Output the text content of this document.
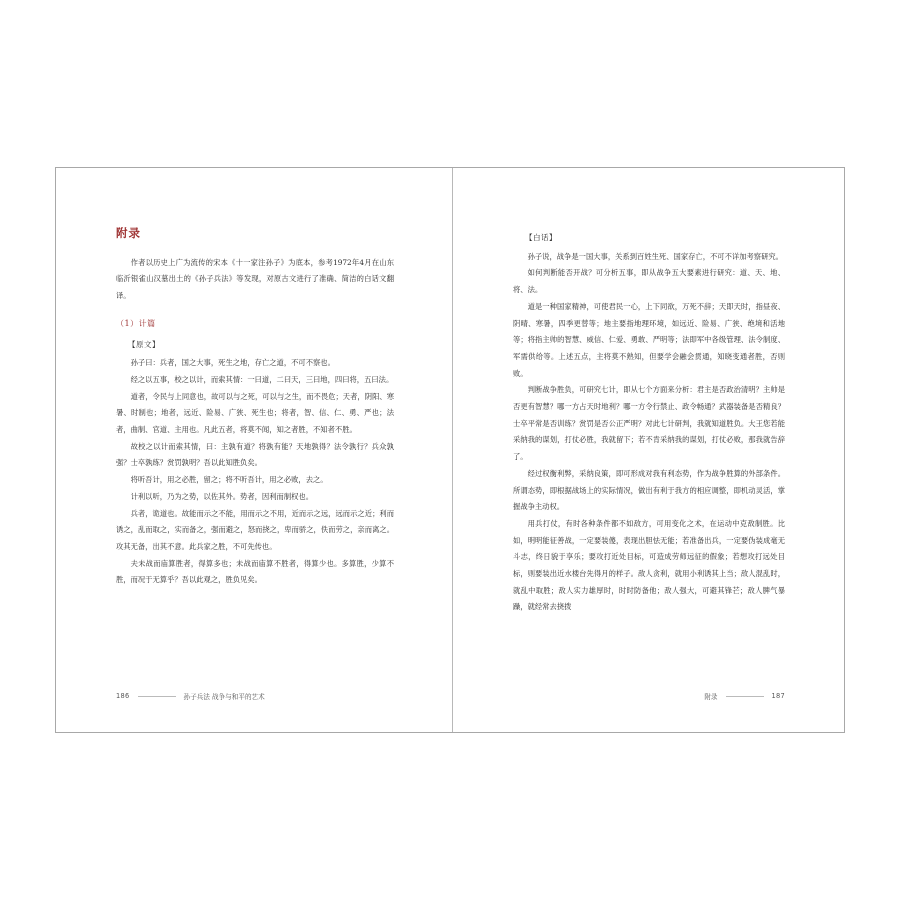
附录

作者以历史上广为流传的宋本《十一家注孙子》为底本，参考1972年4月在山东临沂银雀山汉墓出土的《孙子兵法》等发现，对原古文进行了准确、简洁的白话文翻译。

（1）计篇
【原文】

孙子曰：兵者，国之大事，死生之地，存亡之道，不可不察也。

经之以五事，校之以计，而索其情：一曰道，二曰天，三曰地，四曰将，五曰法。

道者，令民与上同意也，故可以与之死，可以与之生，而不畏危；天者，阴阳、寒暑、时制也；地者，远近、险易、广狭、死生也；将者，智、信、仁、勇、严也；法者，曲制、官道、主用也。凡此五者，将莫不闻，知之者胜，不知者不胜。

故校之以计而索其情，曰：主孰有道？将孰有能？天地孰得？法令孰行？兵众孰强？士卒孰练？赏罚孰明？吾以此知胜负矣。

将听吾计，用之必胜，留之；将不听吾计，用之必败，去之。

计利以听，乃为之势，以佐其外。势者，因利而制权也。

兵者，诡道也。故能而示之不能，用而示之不用，近而示之远，远而示之近；利而诱之，乱而取之，实而备之，强而避之，怒而挠之，卑而骄之，佚而劳之，亲而离之。攻其无备，出其不意。此兵家之胜，不可先传也。

夫未战而庙算胜者，得算多也；未战而庙算不胜者，得算少也。多算胜，少算不胜，而况于无算乎？吾以此观之，胜负见矣。

186	孙子兵法 战争与和平的艺术
【白话】

孙子说，战争是一国大事，关系到百姓生死、国家存亡，不可不详加考察研究。

如何判断能否开战？可分析五事，即从战争五大要素进行研究：道、天、地、将、法。

道是一种国家精神，可使君民一心，上下同欲，万死不辞；天即天时，指昼夜、阴晴、寒暑，四季更替等；地主要指地理环境，如远近、险易、广狭、绝境和活地等；将指主帅的智慧、威信、仁爱、勇敢、严明等；法即军中各级管理、法令制度、军需供给等。上述五点，主将莫不熟知，但要学会融会贯通，知晓变通者胜，否则败。

判断战争胜负，可研究七计，即从七个方面来分析：君主是否政治清明？主帅是否更有智慧？哪一方占天时地利？哪一方令行禁止、政令畅通？武器装备是否精良？士卒平常是否训练？赏罚是否公正严明？对此七计研判，我就知道胜负。大王您若能采纳我的谋划，打仗必胜，我就留下；若不肯采纳我的谋划，打仗必败，那我就告辞了。

经过权衡利弊，采纳良策，即可形成对我有利态势，作为战争胜算的外部条件。所谓态势，即根据战场上的实际情况，做出有利于我方的相应调整，即机动灵活，掌握战争主动权。

用兵打仗，有时各种条件都不如敌方，可用变化之术，在运动中克敌制胜。比如，明明能征善战，一定要装傻，表现出胆怯无能；若准备出兵，一定要伪装成毫无斗志，终日貌于享乐；要攻打近处目标，可造成劳师远征的假象；若想攻打远处目标，则要装出近水楼台先得月的样子。敌人贪利，就用小利诱其上当；敌人混乱时，就乱中取胜；敌人实力雄厚时，时时防备他；敌人强大，可避其锋芒；敌人脾气暴躁，就经常去挠拨

附录	187
